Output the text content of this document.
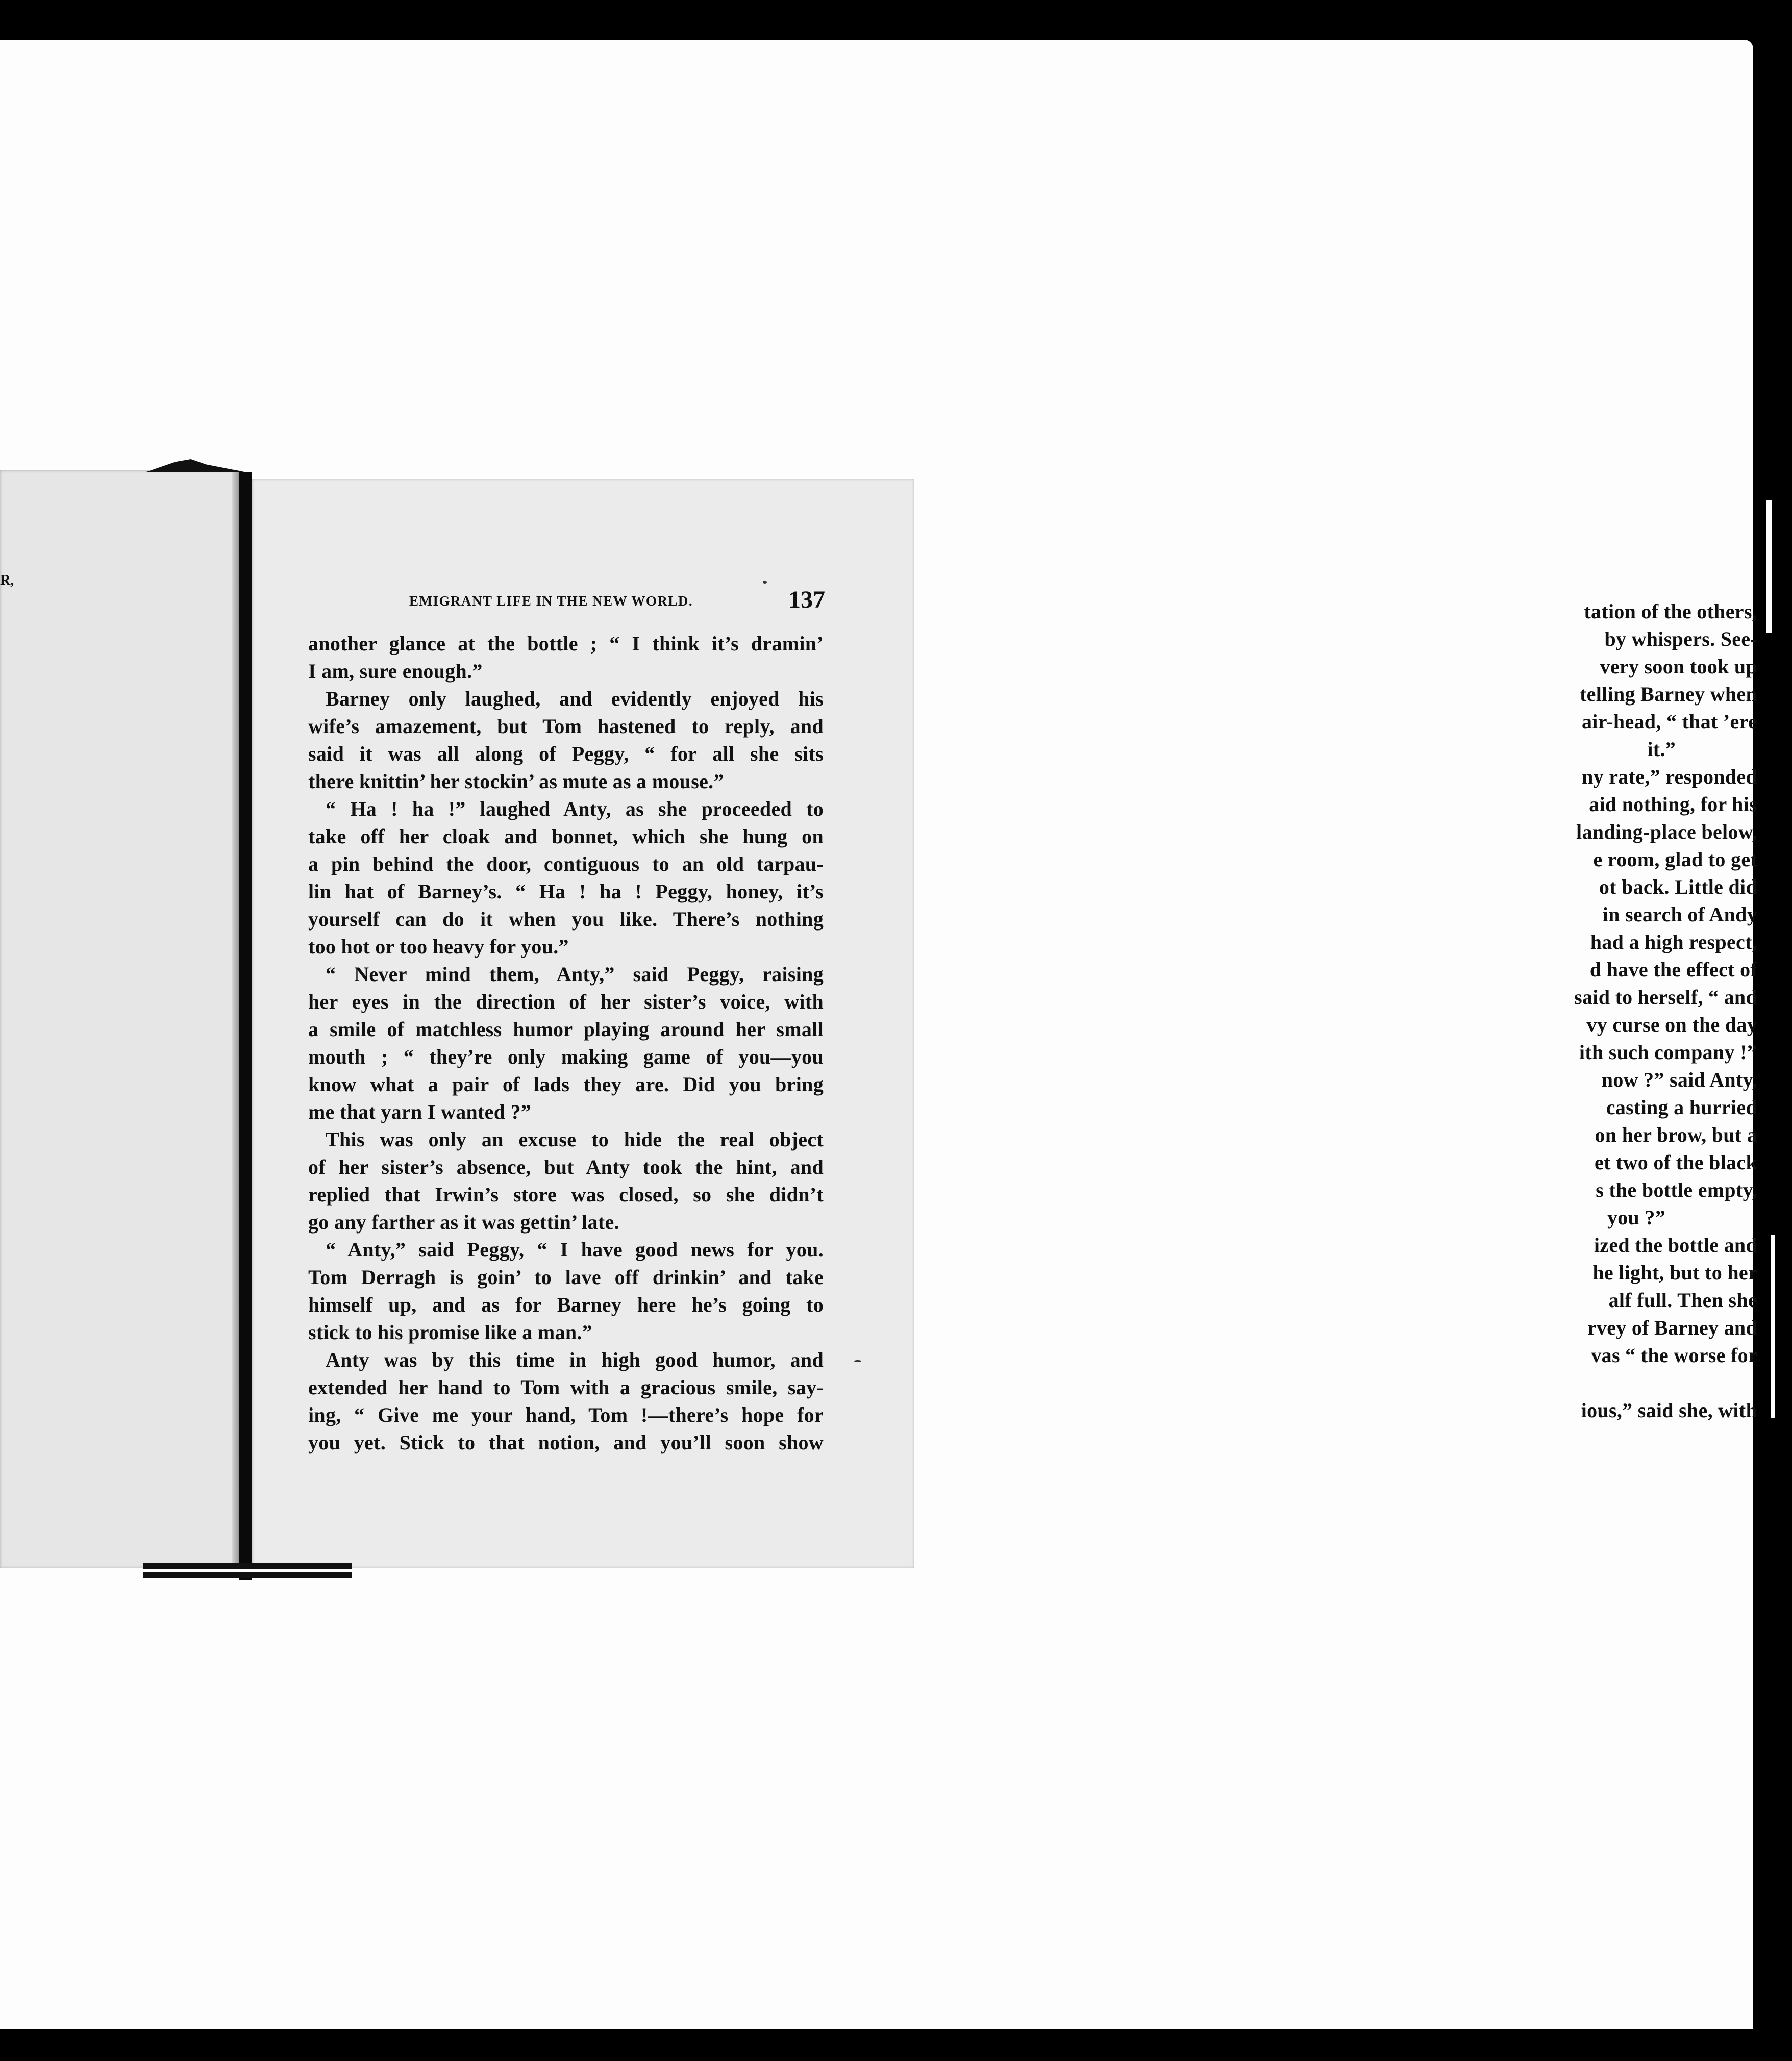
R,
tation of the others,
by whispers. See-
very soon took up
telling Barney when
air-head, “ that ’ere
it.”
ny rate,” responded
aid nothing, for his
landing-place below,
e room, glad to get
ot back. Little did
in search of Andy
had a high respect,
d have the effect of
said to herself, “ and
vy curse on the day
ith such company !”
now ?” said Anty,
casting a hurried
on her brow, but a
et two of the black
s the bottle empty,
you ?”
ized the bottle and
he light, but to her
alf full. Then she
rvey of Barney and
vas “ the worse for
ious,” said she, with
EMIGRANT LIFE IN THE NEW WORLD.	137
another glance at the bottle ; “ I think it’s dramin’
I am, sure enough.”
Barney only laughed, and evidently enjoyed his
wife’s amazement, but Tom hastened to reply, and
said it was all along of Peggy, “ for all she sits
there knittin’ her stockin’ as mute as a mouse.”
“ Ha ! ha !” laughed Anty, as she proceeded to
take off her cloak and bonnet, which she hung on
a pin behind the door, contiguous to an old tarpau-
lin hat of Barney’s. “ Ha ! ha ! Peggy, honey, it’s
yourself can do it when you like. There’s nothing
too hot or too heavy for you.”
“ Never mind them, Anty,” said Peggy, raising
her eyes in the direction of her sister’s voice, with
a smile of matchless humor playing around her small
mouth ; “ they’re only making game of you—you
know what a pair of lads they are. Did you bring
me that yarn I wanted ?”
This was only an excuse to hide the real object
of her sister’s absence, but Anty took the hint, and
replied that Irwin’s store was closed, so she didn’t
go any farther as it was gettin’ late.
“ Anty,” said Peggy, “ I have good news for you.
Tom Derragh is goin’ to lave off drinkin’ and take
himself up, and as for Barney here he’s going to
stick to his promise like a man.”
Anty was by this time in high good humor, and
extended her hand to Tom with a gracious smile, say-
ing, “ Give me your hand, Tom !—there’s hope for
you yet. Stick to that notion, and you’ll soon show
